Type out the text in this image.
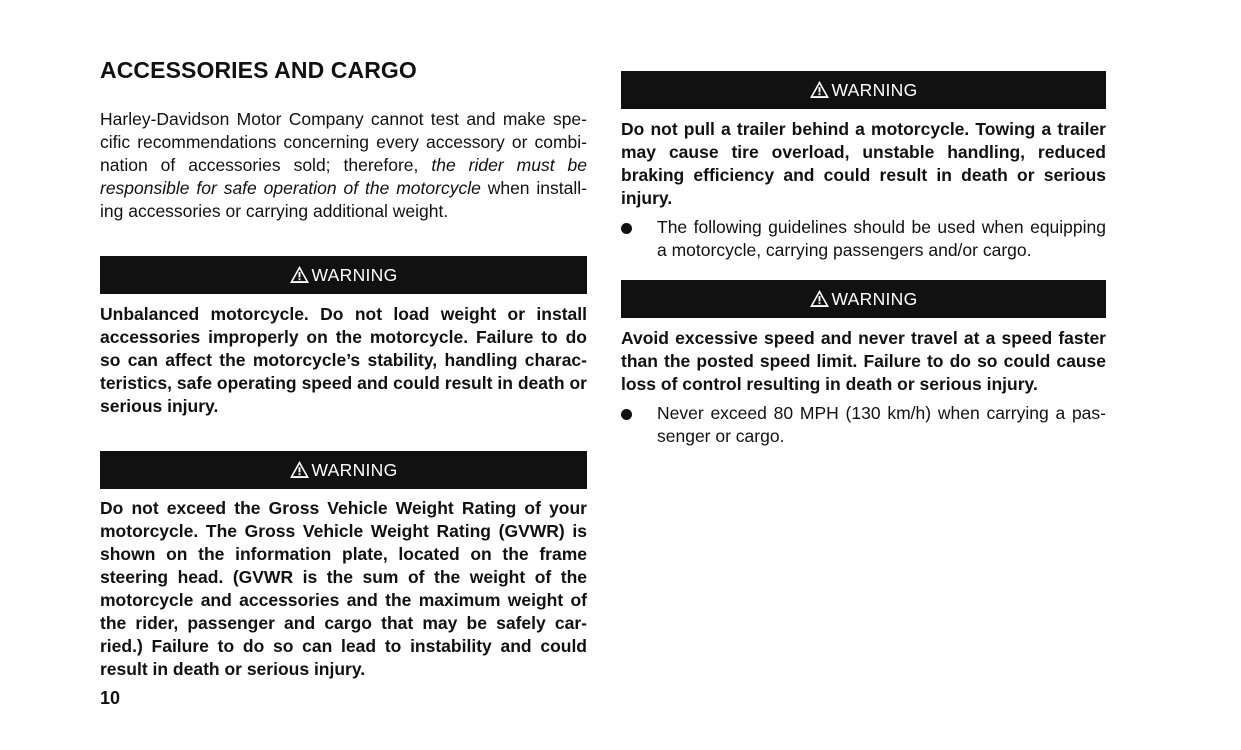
ACCESSORIES AND CARGO

Harley-Davidson Motor Company cannot test and make spe-cific recommendations concerning every accessory or combi-nation of accessories sold; therefore, the rider must be responsible for safe operation of the motorcycle when install-ing accessories or carrying additional weight.

WARNING

Unbalanced motorcycle. Do not load weight or install accessories improperly on the motorcycle. Failure to do so can affect the motorcycle’s stability, handling charac-teristics, safe operating speed and could result in death or serious injury.

WARNING

Do not exceed the Gross Vehicle Weight Rating of your motorcycle. The Gross Vehicle Weight Rating (GVWR) is shown on the information plate, located on the frame steering head. (GVWR is the sum of the weight of the motorcycle and accessories and the maximum weight of the rider, passenger and cargo that may be safely car-ried.) Failure to do so can lead to instability and could result in death or serious injury.

WARNING

Do not pull a trailer behind a motorcycle. Towing a trailer may cause tire overload, unstable handling, reduced braking efficiency and could result in death or serious injury.

The following guidelines should be used when equipping a motorcycle, carrying passengers and/or cargo.

WARNING

Avoid excessive speed and never travel at a speed faster than the posted speed limit. Failure to do so could cause loss of control resulting in death or serious injury.

Never exceed 80 MPH (130 km/h) when carrying a pas-senger or cargo.

10
